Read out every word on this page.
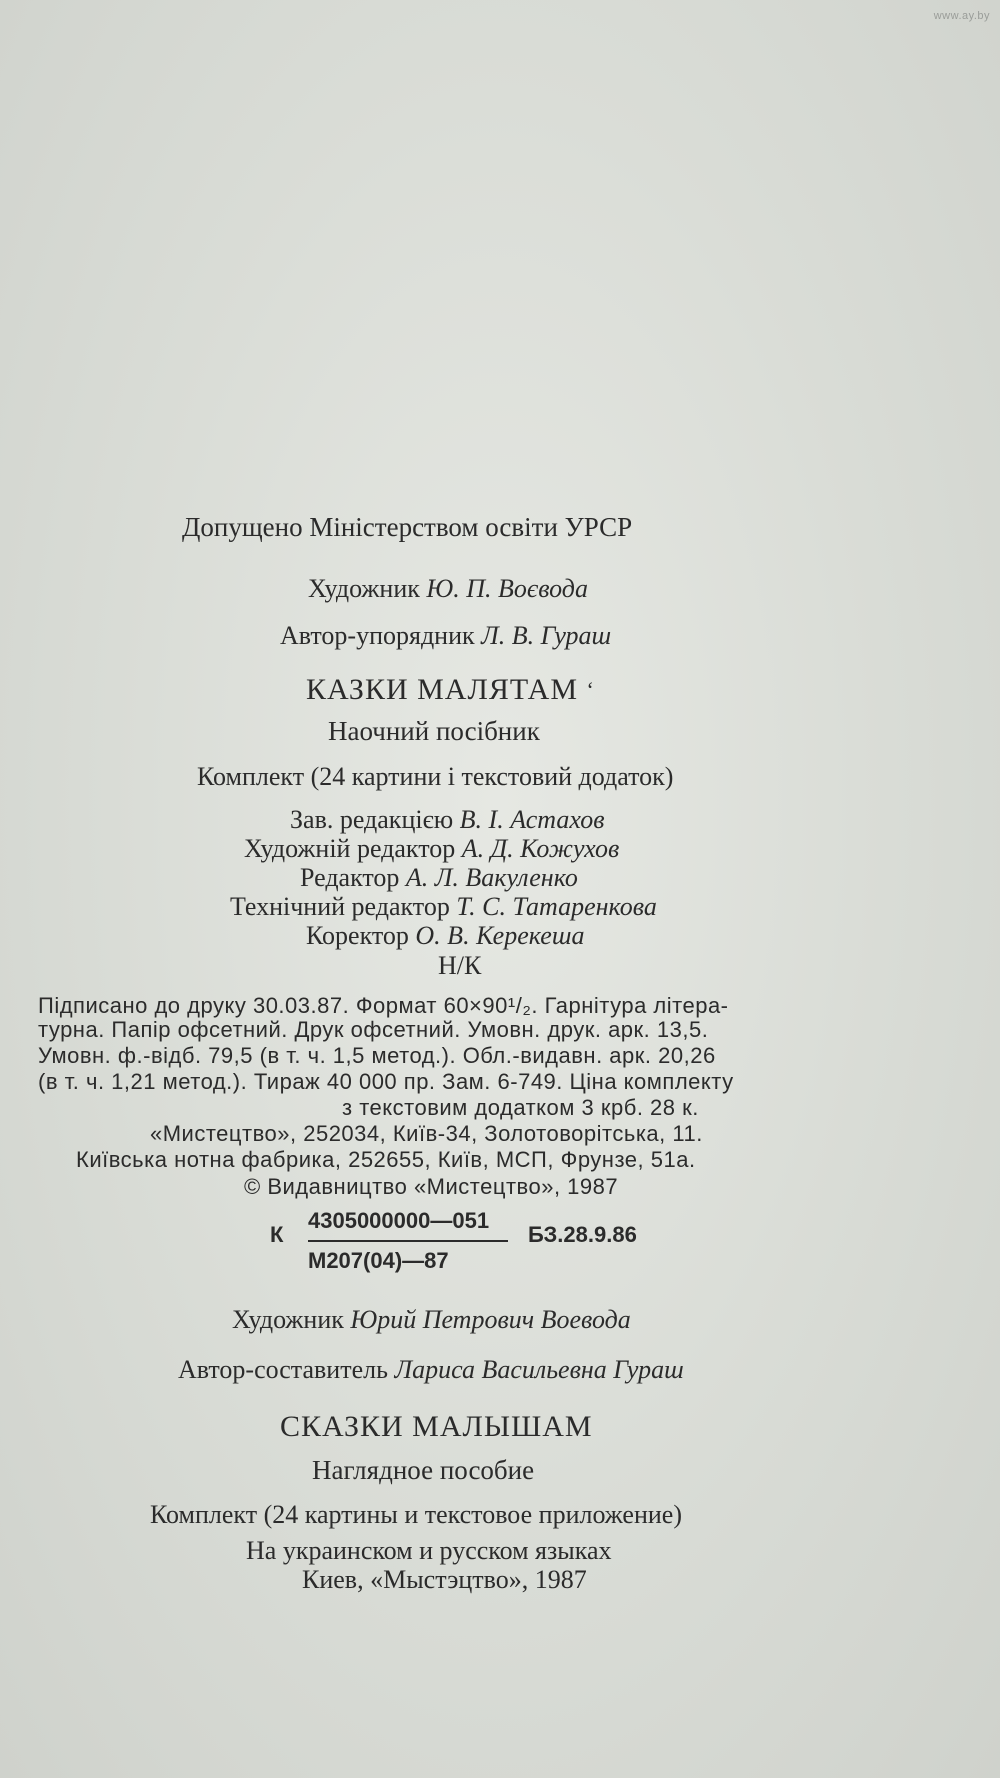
www.ay.by
Допущено Міністерством освіти УРСР
Художник Ю. П. Воєвода
Автор-упорядник Л. В. Гураш
КАЗКИ МАЛЯТАМ ‘
Наочний посібник
Комплект (24 картини і текстовий додаток)
Зав. редакцією В. І. Астахов
Художній редактор А. Д. Кожухов
Редактор А. Л. Вакуленко
Технічний редактор Т. С. Татаренкова
Коректор О. В. Керекеша
Н/К
Підписано до друку 30.03.87. Формат 60×90¹/₂. Гарнітура літера-
турна. Папір офсетний. Друк офсетний. Умовн. друк. арк. 13,5.
Умовн. ф.-відб. 79,5 (в т. ч. 1,5 метод.). Обл.-видавн. арк. 20,26
(в т. ч. 1,21 метод.). Тираж 40 000 пр. Зам. 6-749. Ціна комплекту
з текстовим додатком 3 крб. 28 к.
«Мистецтво», 252034, Київ-34, Золотоворітська, 11.
Київська нотна фабрика, 252655, Київ, МСП, Фрунзе, 51а.
© Видавництво «Мистецтво», 1987
К
4305000000—051
М207(04)—87
БЗ.28.9.86
Художник Юрий Петрович Воевода
Автор-составитель Лариса Васильевна Гураш
СКАЗКИ МАЛЫШАМ
Наглядное пособие
Комплект (24 картины и текстовое приложение)
На украинском и русском языках
Киев, «Мыстэцтво», 1987
